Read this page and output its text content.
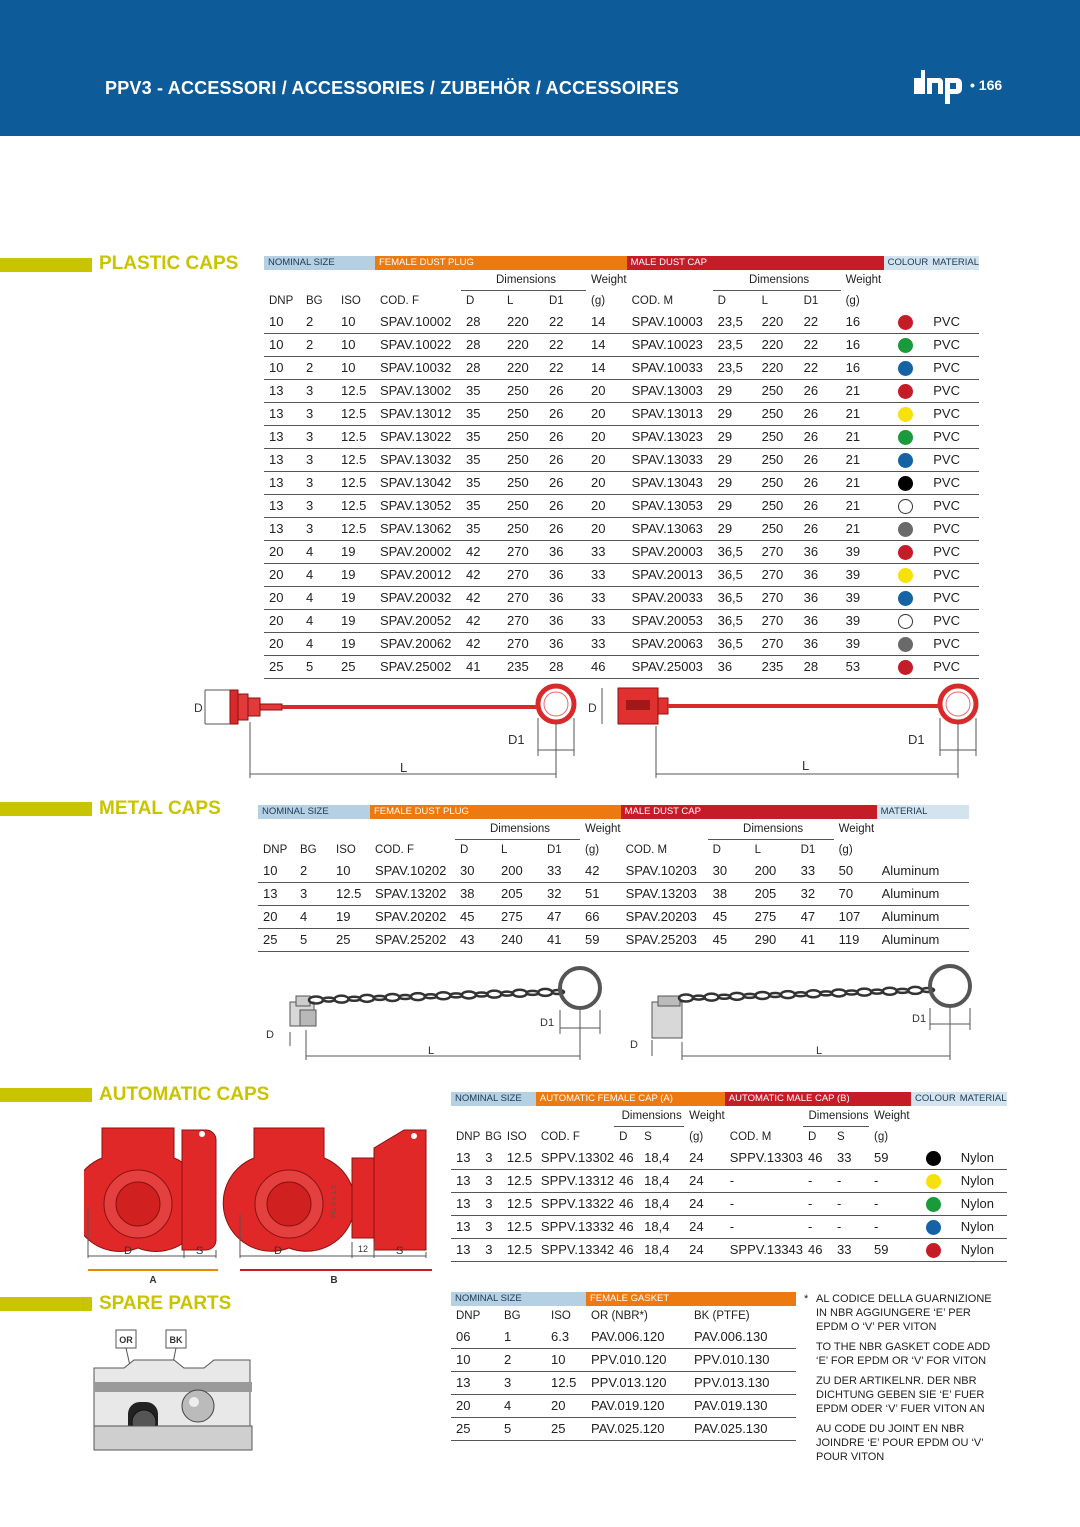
PPV3 - ACCESSORI / ACCESSORIES / ZUBEHÖR / ACCESSOIRES	• 166
PLASTIC CAPS	NOMINAL SIZE			FEMALE DUST PLUG					MALE DUST CAP					COLOUR	MATERIAL
				Dimensions			Weight		Dimensions			Weight		
DNP	BG	ISO	COD. F	D	L	D1	(g)	COD. M	D	L	D1	(g)		
10	2	10	SPAV.10002	28	220	22	14	SPAV.10003	23,5	220	22	16		PVC
10	2	10	SPAV.10022	28	220	22	14	SPAV.10023	23,5	220	22	16		PVC
10	2	10	SPAV.10032	28	220	22	14	SPAV.10033	23,5	220	22	16		PVC
13	3	12.5	SPAV.13002	35	250	26	20	SPAV.13003	29	250	26	21		PVC
13	3	12.5	SPAV.13012	35	250	26	20	SPAV.13013	29	250	26	21		PVC
13	3	12.5	SPAV.13022	35	250	26	20	SPAV.13023	29	250	26	21		PVC
13	3	12.5	SPAV.13032	35	250	26	20	SPAV.13033	29	250	26	21		PVC
13	3	12.5	SPAV.13042	35	250	26	20	SPAV.13043	29	250	26	21		PVC
13	3	12.5	SPAV.13052	35	250	26	20	SPAV.13053	29	250	26	21		PVC
13	3	12.5	SPAV.13062	35	250	26	20	SPAV.13063	29	250	26	21		PVC
20	4	19	SPAV.20002	42	270	36	33	SPAV.20003	36,5	270	36	39		PVC
20	4	19	SPAV.20012	42	270	36	33	SPAV.20013	36,5	270	36	39		PVC
20	4	19	SPAV.20032	42	270	36	33	SPAV.20033	36,5	270	36	39		PVC
20	4	19	SPAV.20052	42	270	36	33	SPAV.20053	36,5	270	36	39		PVC
20	4	19	SPAV.20062	42	270	36	33	SPAV.20063	36,5	270	36	39		PVC
25	5	25	SPAV.25002	41	235	28	46	SPAV.25003	36	235	28	53		PVC
D
L
D1
D
L
D1
METAL CAPS	NOMINAL SIZE			FEMALE DUST PLUG					MALE DUST CAP					MATERIAL
				Dimensions			Weight		Dimensions			Weight	
DNP	BG	ISO	COD. F	D	L	D1	(g)	COD. M	D	L	D1	(g)	
10	2	10	SPAV.10202	30	200	33	42	SPAV.10203	30	200	33	50	Aluminum
13	3	12.5	SPAV.13202	38	205	32	51	SPAV.13203	38	205	32	70	Aluminum
20	4	19	SPAV.20202	45	275	47	66	SPAV.20203	45	275	47	107	Aluminum
25	5	25	SPAV.25202	43	240	41	59	SPAV.25203	45	290	41	119	Aluminum
D
L
D1
D	L
D1
AUTOMATIC CAPS
D	S
A
PG 9 x 1,5
D	12	S
B
NOMINAL SIZE			AUTOMATIC FEMALE CAP (A)				AUTOMATIC MALE CAP (B)				COLOUR	MATERIAL
				Dimensions		Weight		Dimensions		Weight		
DNP	BG	ISO	COD. F	D	S	(g)	COD. M	D	S	(g)		
13	3	12.5	SPPV.13302	46	18,4	24	SPPV.13303	46	33	59		Nylon
13	3	12.5	SPPV.13312	46	18,4	24	-	-	-	-		Nylon
13	3	12.5	SPPV.13322	46	18,4	24	-	-	-	-		Nylon
13	3	12.5	SPPV.13332	46	18,4	24	-	-	-	-		Nylon
13	3	12.5	SPPV.13342	46	18,4	24	SPPV.13343	46	33	59		Nylon
SPARE PARTS
OR	BK
NOMINAL SIZE			FEMALE GASKET	
DNP	BG	ISO	OR (NBR*)	BK (PTFE)
06	1	6.3	PAV.006.120	PAV.006.130
10	2	10	PPV.010.120	PPV.010.130
13	3	12.5	PPV.013.120	PPV.013.130
20	4	20	PAV.019.120	PAV.019.130
25	5	25	PAV.025.120	PAV.025.130
* AL CODICE DELLA GUARNIZIONE IN NBR AGGIUNGERE ‘E’ PER EPDM O ‘V’ PER VITON

TO THE NBR GASKET CODE ADD ‘E’ FOR EPDM OR ‘V’ FOR VITON

ZU DER ARTIKELNR. DER NBR DICHTUNG GEBEN SIE ‘E’ FUER EPDM ODER ‘V’ FUER VITON AN

AU CODE DU JOINT EN NBR JOINDRE ‘E’ POUR EPDM OU ‘V’ POUR VITON
